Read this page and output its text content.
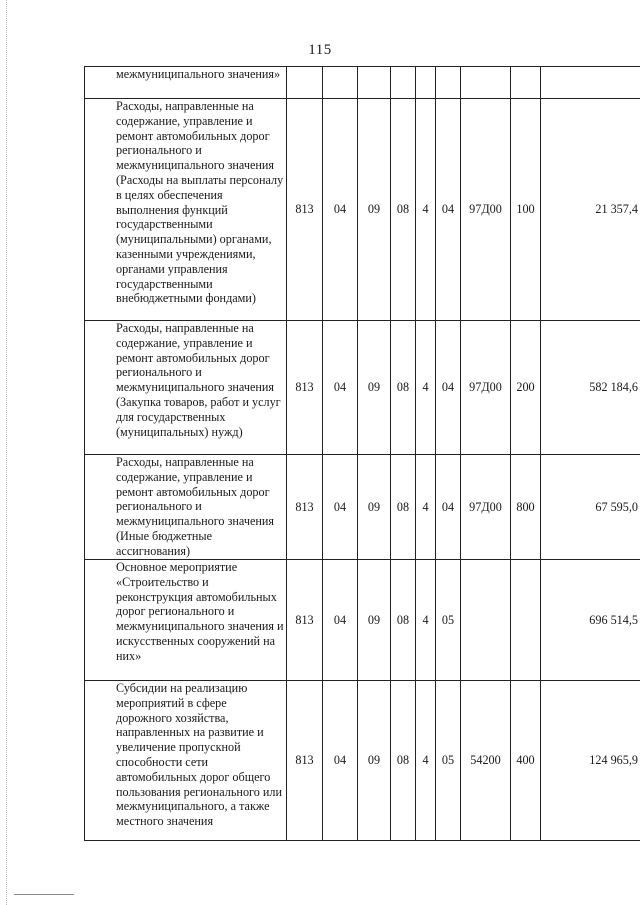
115
	межмуниципального значения»									
	Расходы, направленные на содержание, управление и ремонт автомобильных дорог регионального и межмуниципального значения (Расходы на выплаты персоналу в целях обеспечения выполнения функций государственными (муниципальными) органами, казенными учреждениями, органами управления государственными внебюджетными фондами)	813	04	09	08	4	04	97Д00	100	21 357,4
	Расходы, направленные на содержание, управление и ремонт автомобильных дорог регионального и межмуниципального значения (Закупка товаров, работ и услуг для государственных (муниципальных) нужд)	813	04	09	08	4	04	97Д00	200	582 184,6
	Расходы, направленные на содержание, управление и ремонт автомобильных дорог регионального и межмуниципального значения (Иные бюджетные ассигнования)	813	04	09	08	4	04	97Д00	800	67 595,0
	Основное мероприятие «Строительство и реконструкция автомобильных дорог регионального и межмуниципального значения и искусственных сооружений на них»	813	04	09	08	4	05			696 514,5
	Субсидии на реализацию мероприятий в сфере дорожного хозяйства, направленных на развитие и увеличение пропускной способности сети автомобильных дорог общего пользования регионального или межмуниципального, а также местного значения	813	04	09	08	4	05	54200	400	124 965,9
